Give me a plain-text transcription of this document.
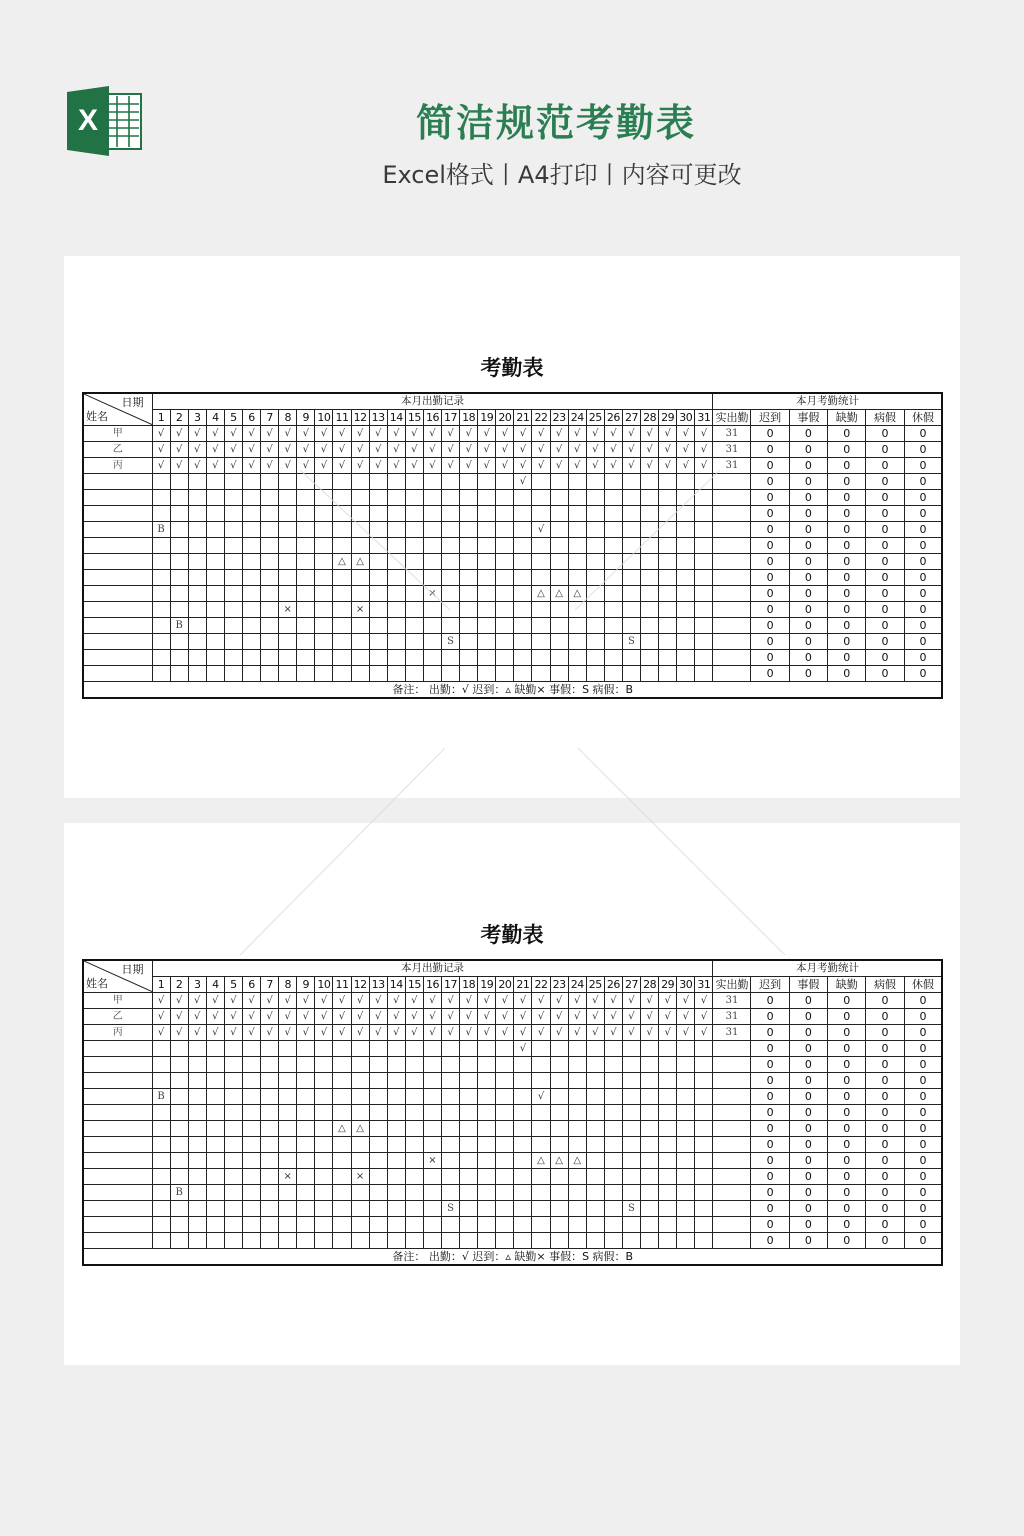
X	简洁规范考勤表
Excel格式丨A4打印丨内容可更改
考勤表
日期
姓名	本月出勤记录																															本月考勤统计					
	1	2	3	4	5	6	7	8	9	10	11	12	13	14	15	16	17	18	19	20	21	22	23	24	25	26	27	28	29	30	31	实出勤	迟到	事假	缺勤	病假	休假
甲	√	√	√	√	√	√	√	√	√	√	√	√	√	√	√	√	√	√	√	√	√	√	√	√	√	√	√	√	√	√	√	31	0	0	0	0	0
乙	√	√	√	√	√	√	√	√	√	√	√	√	√	√	√	√	√	√	√	√	√	√	√	√	√	√	√	√	√	√	√	31	0	0	0	0	0
丙	√	√	√	√	√	√	√	√	√	√	√	√	√	√	√	√	√	√	√	√	√	√	√	√	√	√	√	√	√	√	√	31	0	0	0	0	0
																					√												0	0	0	0	0
																																	0	0	0	0	0
																																	0	0	0	0	0
	B																					√											0	0	0	0	0
																																	0	0	0	0	0
											△	△																					0	0	0	0	0
																																	0	0	0	0	0
																×						△	△	△									0	0	0	0	0
								×				×																					0	0	0	0	0
		B																															0	0	0	0	0
																	S										S						0	0	0	0	0
																																	0	0	0	0	0
																																	0	0	0	0	0
备注： 出勤：√ 迟到：▵ 缺勤× 事假：S 病假：B																																					
考勤表
日期
姓名	本月出勤记录																															本月考勤统计					
	1	2	3	4	5	6	7	8	9	10	11	12	13	14	15	16	17	18	19	20	21	22	23	24	25	26	27	28	29	30	31	实出勤	迟到	事假	缺勤	病假	休假
甲	√	√	√	√	√	√	√	√	√	√	√	√	√	√	√	√	√	√	√	√	√	√	√	√	√	√	√	√	√	√	√	31	0	0	0	0	0
乙	√	√	√	√	√	√	√	√	√	√	√	√	√	√	√	√	√	√	√	√	√	√	√	√	√	√	√	√	√	√	√	31	0	0	0	0	0
丙	√	√	√	√	√	√	√	√	√	√	√	√	√	√	√	√	√	√	√	√	√	√	√	√	√	√	√	√	√	√	√	31	0	0	0	0	0
																					√												0	0	0	0	0
																																	0	0	0	0	0
																																	0	0	0	0	0
	B																					√											0	0	0	0	0
																																	0	0	0	0	0
											△	△																					0	0	0	0	0
																																	0	0	0	0	0
																×						△	△	△									0	0	0	0	0
								×				×																					0	0	0	0	0
		B																															0	0	0	0	0
																	S										S						0	0	0	0	0
																																	0	0	0	0	0
																																	0	0	0	0	0
备注： 出勤：√ 迟到：▵ 缺勤× 事假：S 病假：B																																					
